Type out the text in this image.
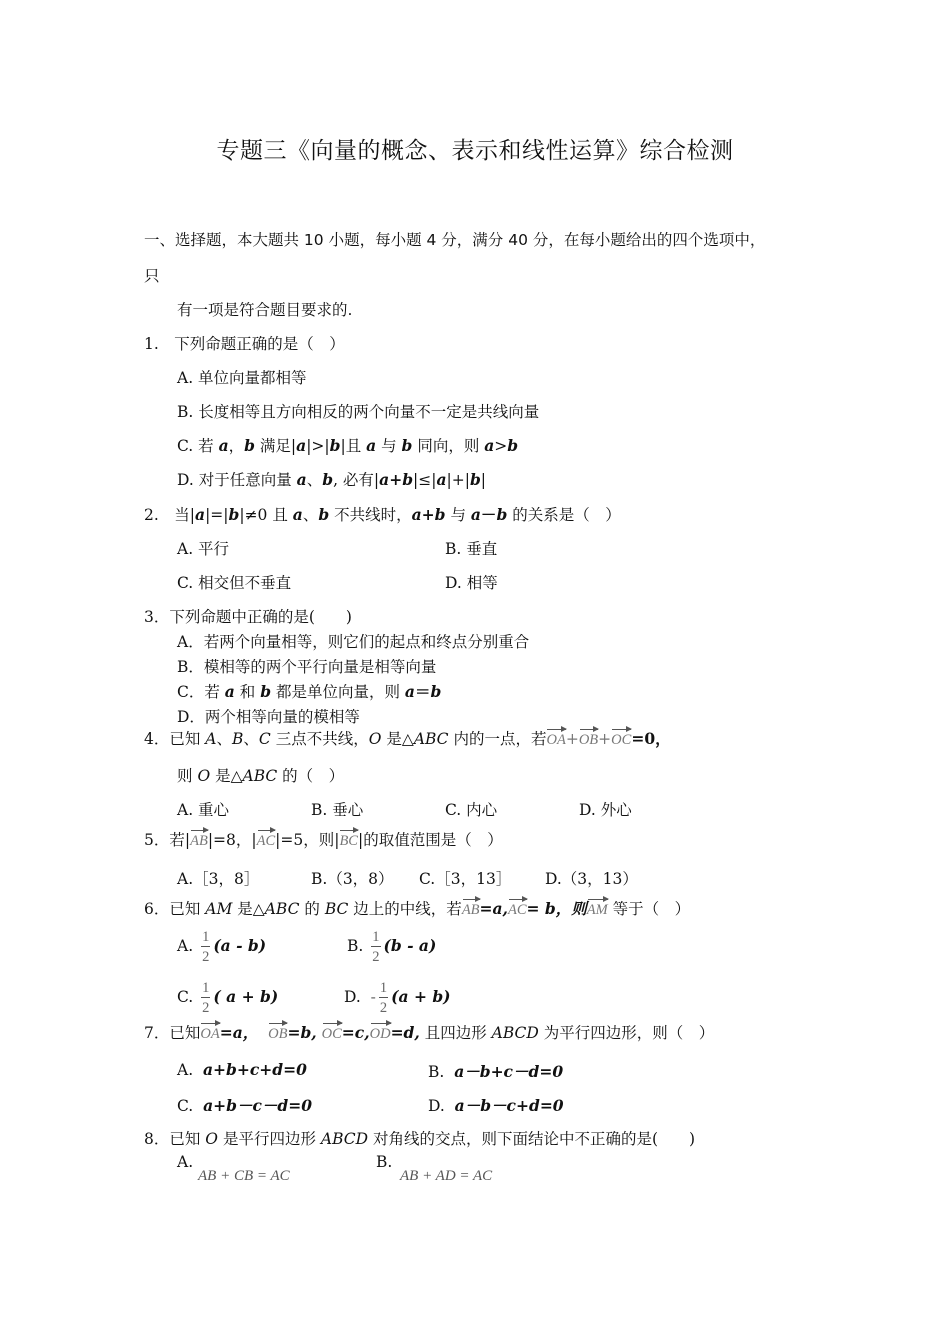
专题三《向量的概念、表示和线性运算》综合检测
一、选择题，本大题共 10 小题，每小题 4 分，满分 40 分，在每小题给出的四个选项中，
只
有一项是符合题目要求的.
1.　下列命题正确的是（　）
A. 单位向量都相等
B. 长度相等且方向相反的两个向量不一定是共线向量
C. 若 a，b 满足|a|>|b|且 a 与 b 同向，则 a>b
D. 对于任意向量 a、b, 必有|a+b|≤|a|+|b|
2.　当|a|=|b|≠0 且 a、b 不共线时，a+b 与 a－b 的关系是（　）
A. 平行	B. 垂直
C. 相交但不垂直	D. 相等
3．下列命题中正确的是(　　)
A．若两个向量相等，则它们的起点和终点分别重合
B．模相等的两个平行向量是相等向量
C．若 a 和 b 都是单位向量，则 a＝b
D．两个相等向量的模相等
4．已知 A、B、C 三点不共线，O 是△ABC 内的一点，若OA+OB+OC=0，
则 O 是△ABC 的（　）
A. 重心	B. 垂心	C. 内心	D. 外心
5．若|AB|=8，|AC|=5，则|BC|的取值范围是（　）
A.［3，8］	B.（3，8） C.［3，13］ D.（3，13）
6．已知 AM 是△ABC 的 BC 边上的中线，若AB=a,AC= b，则AM 等于（　）
A. $\frac{1}{2} (a - b)$	B. $\frac{1}{2} (b - a)$
C. $\frac{1}{2}$ ( a + b)	D. - $\frac{1}{2} (a + b)$
7．已知OA=a， OB=b, OC=c,OD=d, 且四边形 ABCD 为平行四边形，则（　）
A. a+b+c+d=0	B. a－b+c－d=0
C. a+b－c－d=0	D. a－b－c+d=0
8．已知 O 是平行四边形 ABCD 对角线的交点，则下面结论中不正确的是(　　)
A.
AB + CB = AC
B.
AB + AD = AC
